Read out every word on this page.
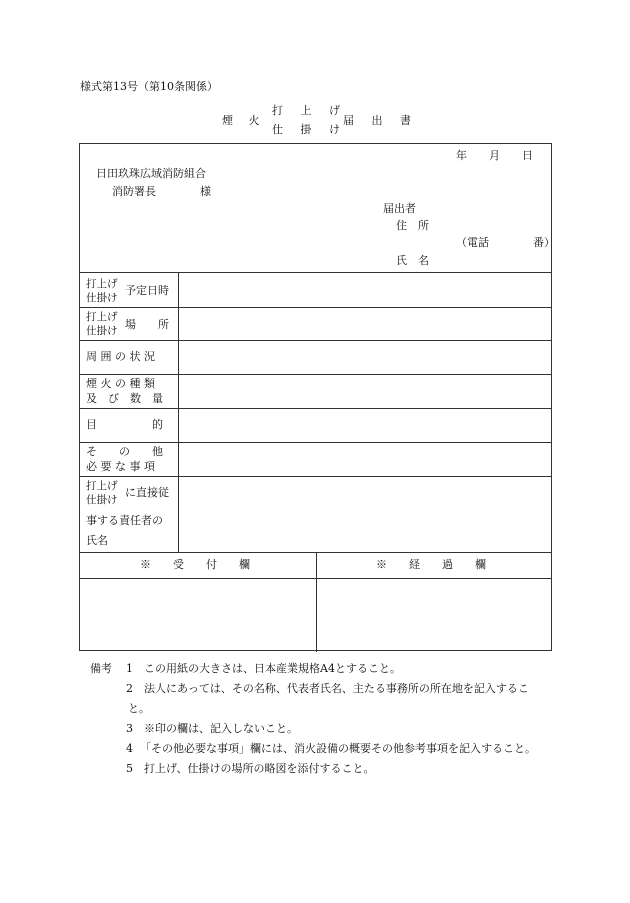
様式第13号（第10条関係）
煙 火
打 上 げ
仕 掛 け
届 出 書
年　　月　　日
日田玖珠広域消防組合
消防署長　　　　様
届出者
住　所
（電話　　　　番）
氏　名
打上げ
仕掛け
予定日時
打上げ
仕掛け 場　　所
周 囲 の 状 況
煙 火 の 種 類
及　び　数　量
目　　　　　的
そ　　の　　他
必 要 な 事 項
打上げ
仕掛け
に直接従
事する責任者の
氏名
※　　受　　付　　欄	※　　経　　過　　欄
備考 1 この用紙の大きさは、日本産業規格A4とすること。
2 法人にあっては、その名称、代表者氏名、主たる事務所の所在地を記入するこ
と。
3 ※印の欄は、記入しないこと。
4 「その他必要な事項」欄には、消火設備の概要その他参考事項を記入すること。
5 打上げ、仕掛けの場所の略図を添付すること。
